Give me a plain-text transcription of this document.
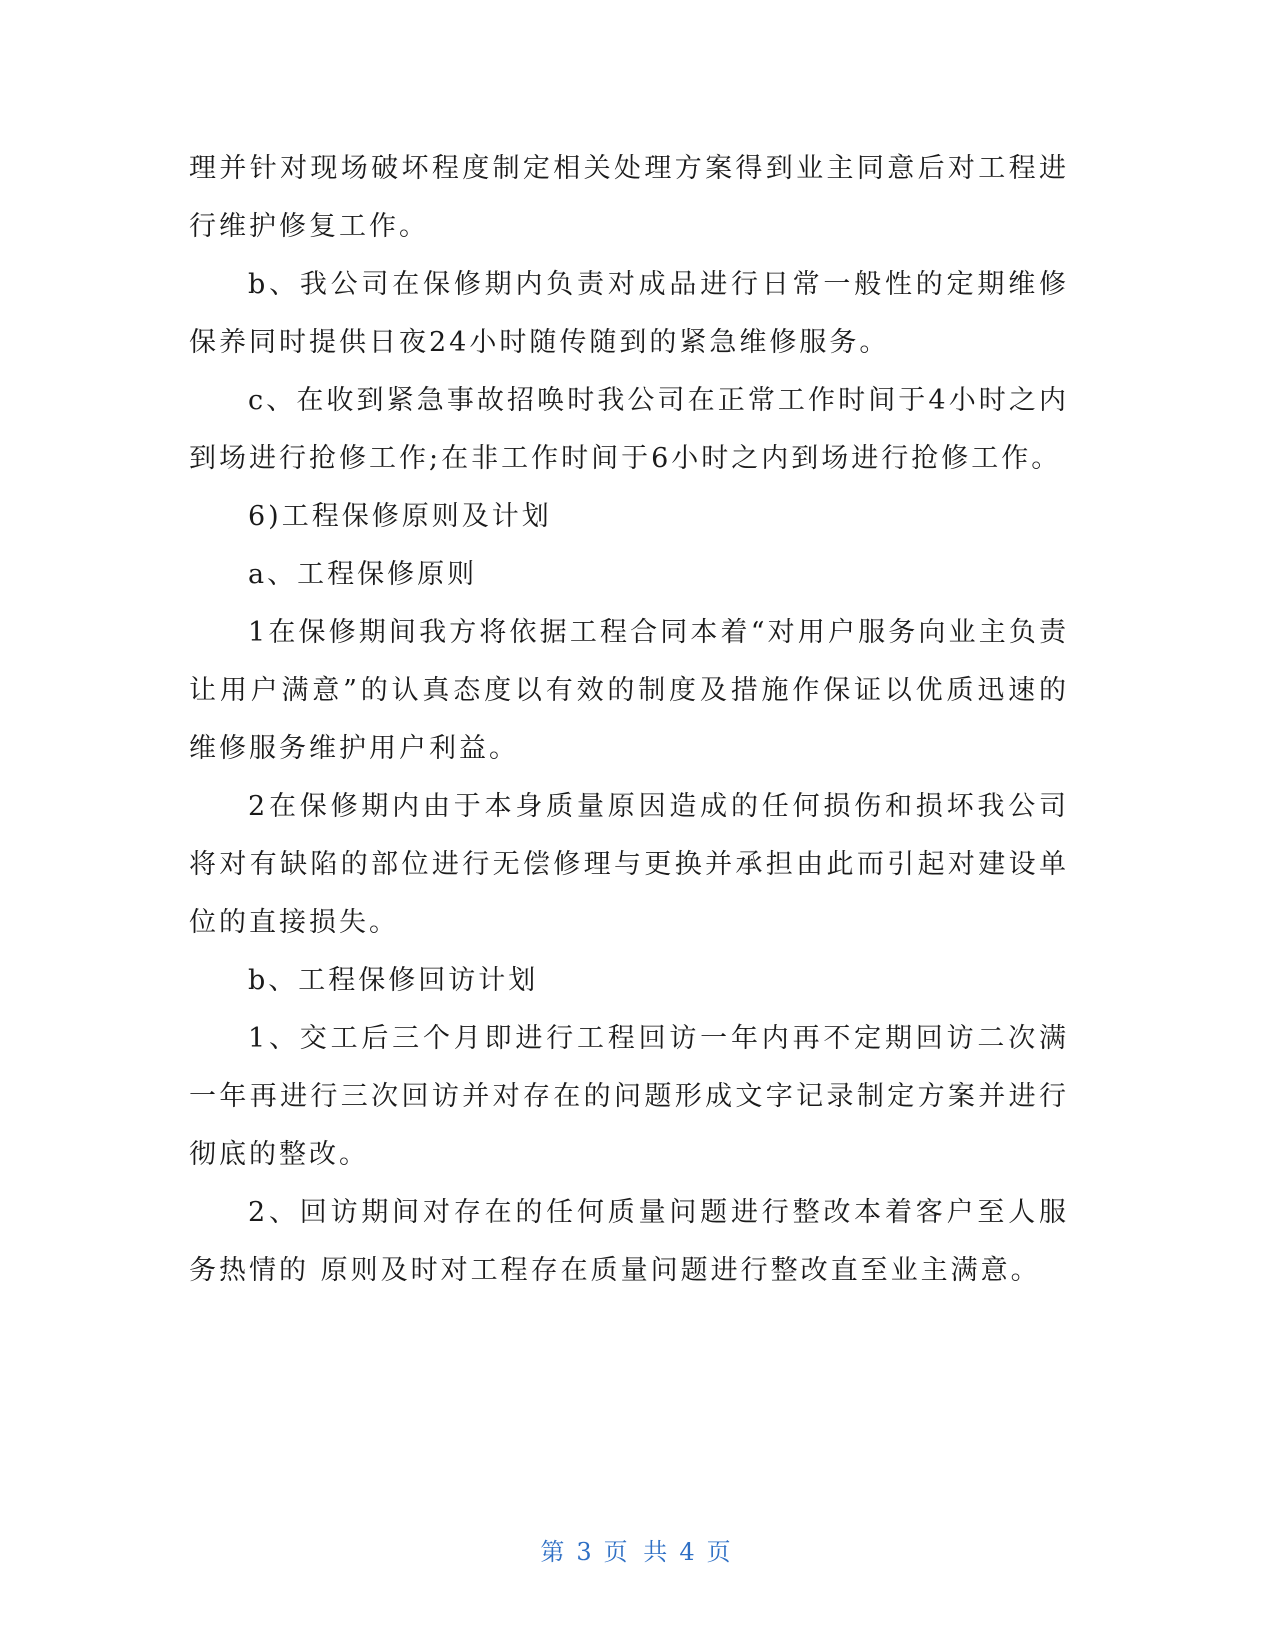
理并针对现场破坏程度制定相关处理方案得到业主同意后对工程进行维护修复工作。

b、我公司在保修期内负责对成品进行日常一般性的定期维修保养同时提供日夜24小时随传随到的紧急维修服务。

c、在收到紧急事故招唤时我公司在正常工作时间于4小时之内到场进行抢修工作;在非工作时间于6小时之内到场进行抢修工作。

6)工程保修原则及计划

a、工程保修原则

1在保修期间我方将依据工程合同本着“对用户服务向业主负责让用户满意”的认真态度以有效的制度及措施作保证以优质迅速的维修服务维护用户利益。

2在保修期内由于本身质量原因造成的任何损伤和损坏我公司将对有缺陷的部位进行无偿修理与更换并承担由此而引起对建设单位的直接损失。

b、工程保修回访计划

1、交工后三个月即进行工程回访一年内再不定期回访二次满一年再进行三次回访并对存在的问题形成文字记录制定方案并进行彻底的整改。

2、回访期间对存在的任何质量问题进行整改本着客户至人服务热情的 原则及时对工程存在质量问题进行整改直至业主满意。

第 3 页 共 4 页
